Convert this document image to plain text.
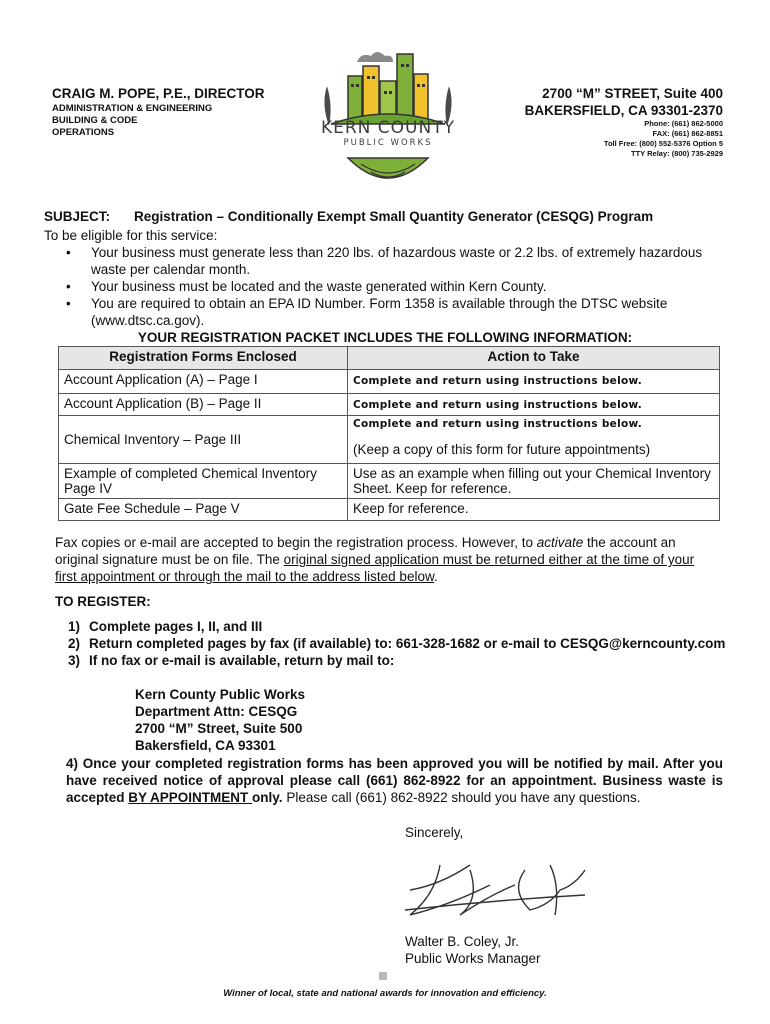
CRAIG M. POPE, P.E., DIRECTOR
ADMINISTRATION & ENGINEERING
BUILDING & CODE
OPERATIONS	KERN COUNTY
PUBLIC WORKS
2700 “M” STREET, Suite 400
BAKERSFIELD, CA 93301-2370
Phone: (661) 862-5000
FAX: (661) 862-8851
Toll Free: (800) 552-5376 Option 5
TTY Relay: (800) 735-2929
SUBJECT: Registration – Conditionally Exempt Small Quantity Generator (CESQG) Program
To be eligible for this service:
• Your business must generate less than 220 lbs. of hazardous waste or 2.2 lbs. of extremely hazardous waste per calendar month.
• Your business must be located and the waste generated within Kern County.
• You are required to obtain an EPA ID Number. Form 1358 is available through the DTSC website (www.dtsc.ca.gov).
YOUR REGISTRATION PACKET INCLUDES THE FOLLOWING INFORMATION:
Registration Forms Enclosed	Action to Take
Account Application (A) – Page I	Complete and return using instructions below.
Account Application (B) – Page II	Complete and return using instructions below.
Chemical Inventory – Page III	Complete and return using instructions below.
(Keep a copy of this form for future appointments)

Example of completed Chemical Inventory Page IV	Use as an example when filling out your Chemical Inventory Sheet. Keep for reference.
Gate Fee Schedule – Page V	Keep for reference.
Fax copies or e-mail are accepted to begin the registration process. However, to activate the account an original signature must be on file. The original signed application must be returned either at the time of your first appointment or through the mail to the address listed below.
TO REGISTER:
1) Complete pages I, II, and III
2) Return completed pages by fax (if available) to: 661-328-1682 or e-mail to CESQG@kerncounty.com
3) If no fax or e-mail is available, return by mail to:
Kern County Public Works
Department Attn: CESQG
2700 “M” Street, Suite 500
Bakersfield, CA 93301
4) Once your completed registration forms has been approved you will be notified by mail. After you have received notice of approval please call (661) 862-8922 for an appointment. Business waste is accepted BY APPOINTMENT only. Please call (661) 862-8922 should you have any questions.
Sincerely,
Walter B. Coley, Jr.
Public Works Manager
Winner of local, state and national awards for innovation and efficiency.
